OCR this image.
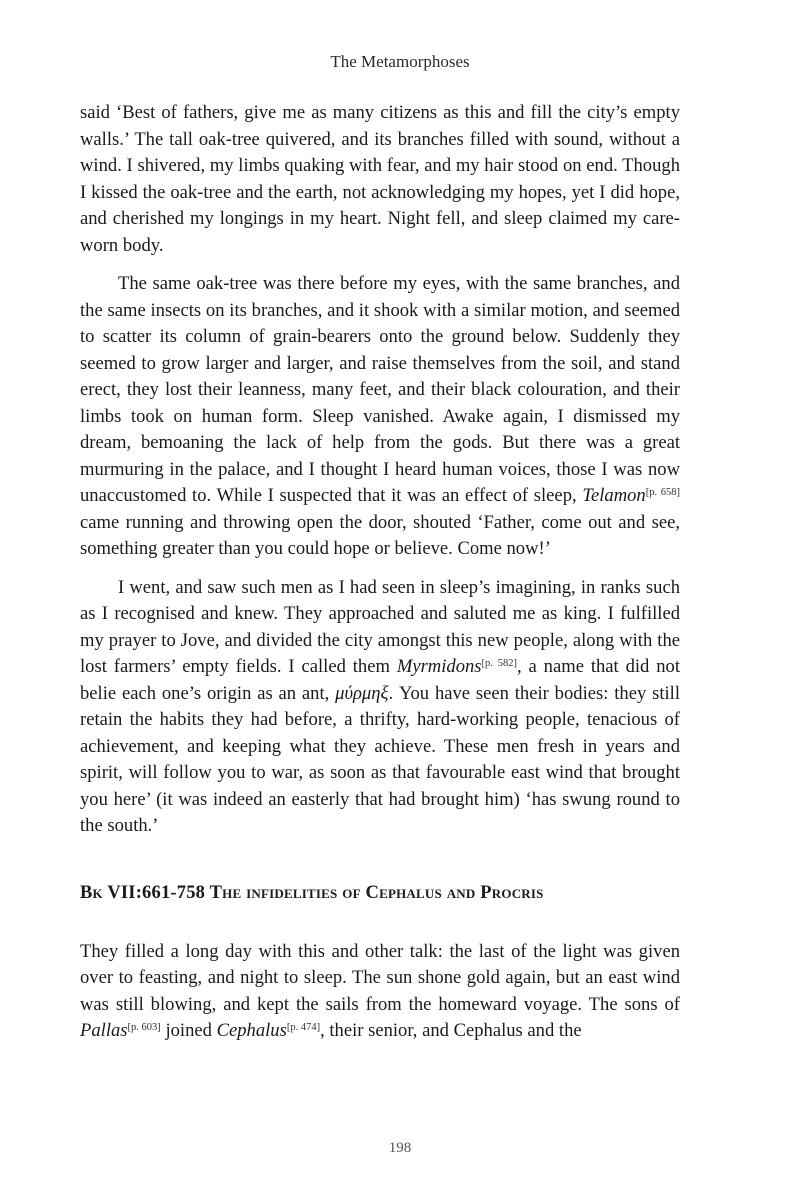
The Metamorphoses

said ‘Best of fathers, give me as many citizens as this and fill the city’s empty walls.’ The tall oak-tree quivered, and its branches filled with sound, without a wind. I shivered, my limbs quaking with fear, and my hair stood on end. Though I kissed the oak-tree and the earth, not acknowledging my hopes, yet I did hope, and cherished my longings in my heart. Night fell, and sleep claimed my care-worn body.

The same oak-tree was there before my eyes, with the same branches, and the same insects on its branches, and it shook with a similar motion, and seemed to scatter its column of grain-bearers onto the ground below. Suddenly they seemed to grow larger and larger, and raise themselves from the soil, and stand erect, they lost their leanness, many feet, and their black colouration, and their limbs took on human form. Sleep vanished. Awake again, I dismissed my dream, bemoaning the lack of help from the gods. But there was a great murmuring in the palace, and I thought I heard human voices, those I was now unaccustomed to. While I suspected that it was an effect of sleep, Telamon[p. 658] came running and throwing open the door, shouted ‘Father, come out and see, something greater than you could hope or believe. Come now!’

I went, and saw such men as I had seen in sleep’s imagining, in ranks such as I recognised and knew. They approached and saluted me as king. I fulfilled my prayer to Jove, and divided the city amongst this new people, along with the lost farmers’ empty fields. I called them Myrmidons[p. 582], a name that did not belie each one’s origin as an ant, μύρμηξ. You have seen their bodies: they still retain the habits they had before, a thrifty, hard-working people, tenacious of achievement, and keeping what they achieve. These men fresh in years and spirit, will follow you to war, as soon as that favourable east wind that brought you here’ (it was indeed an easterly that had brought him) ‘has swung round to the south.’

Bk VII:661-758 The infidelities of Cephalus and Procris

They filled a long day with this and other talk: the last of the light was given over to feasting, and night to sleep. The sun shone gold again, but an east wind was still blowing, and kept the sails from the homeward voyage. The sons of Pallas[p. 603] joined Cephalus[p. 474], their senior, and Cephalus and the

198
